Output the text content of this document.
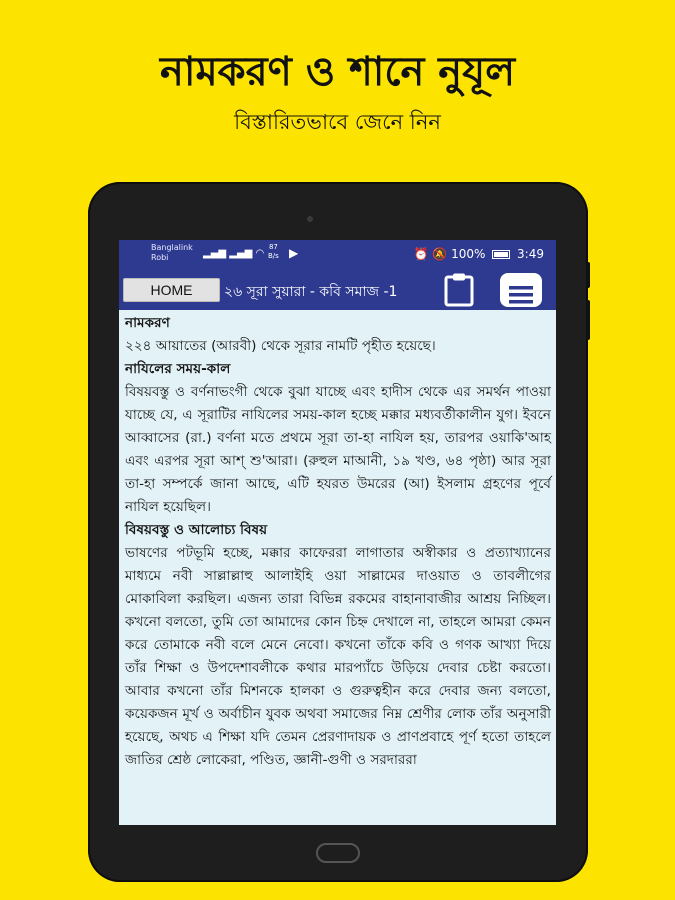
নামকরণ ও শানে নুযূল
বিস্তারিতভাবে জেনে নিন
Banglalink
Robi	▂▄▆ ▂▄▆ ◠
87
B/s ▶	⏰ 🔕 100%	3:49
HOME	২৬ সূরা সুয়ারা - কবি সমাজ -1

নামকরণ

২২৪ আয়াতের (আরবী) থেকে সূরার নামটি পৃহীত হয়েছে।

নাযিলের সময়-কাল

বিষয়বস্তু ও বর্ণনাভংগী থেকে বুঝা যাচ্ছে এবং হাদীস থেকে এর সমর্থন পাওয়া যাচ্ছে যে, এ সূরাটির নাযিলের সময়-কাল হচ্ছে মক্কার মধ্যবর্তীকালীন যুগ। ইবনে আব্বাসের (রা.) বর্ণনা মতে প্রথমে সূরা তা-হা নাযিল হয়, তারপর ওয়াকি'আহ এবং এরপর সূরা আশ্ শু'আরা। (রুহুল মাআনী, ১৯ খণ্ড, ৬৪ পৃষ্ঠা) আর সূরা তা-হা সম্পর্কে জানা আছে, এটি হযরত উমরের (আ) ইসলাম গ্রহণের পূর্বে নাযিল হয়েছিল।

বিষয়বস্তু ও আলোচ্য বিষয়

ভাষণের পটভূমি হচ্ছে, মক্কার কাফেররা লাগাতার অস্বীকার ও প্রত্যাখ্যানের মাধ্যমে নবী সাল্লাল্লাহু আলাইহি ওয়া সাল্লামের দাওয়াত ও তাবলীগের মোকাবিলা করছিল। এজন্য তারা বিভিন্ন রকমের বাহানাবাজীর আশ্রয় নিচ্ছিল। কখনো বলতো, তুমি তো আমাদের কোন চিহ্ন দেখালে না, তাহলে আমরা কেমন করে তোমাকে নবী বলে মেনে নেবো। কখনো তাঁকে কবি ও গণক আখ্যা দিয়ে তাঁর শিক্ষা ও উপদেশাবলীকে কথার মারপ্যাঁচে উড়িয়ে দেবার চেষ্টা করতো। আবার কখনো তাঁর মিশনকে হালকা ও গুরুত্বহীন করে দেবার জন্য বলতো, কয়েকজন মূর্খ ও অর্বাচীন যুবক অথবা সমাজের নিম্ন শ্রেণীর লোক তাঁর অনুসারী হয়েছে, অথচ এ শিক্ষা যদি তেমন প্রেরণাদায়ক ও প্রাণপ্রবাহে পূর্ণ হতো তাহলে জাতির শ্রেষ্ঠ লোকেরা, পণ্ডিত, জ্ঞানী-গুণী ও সরদাররা
